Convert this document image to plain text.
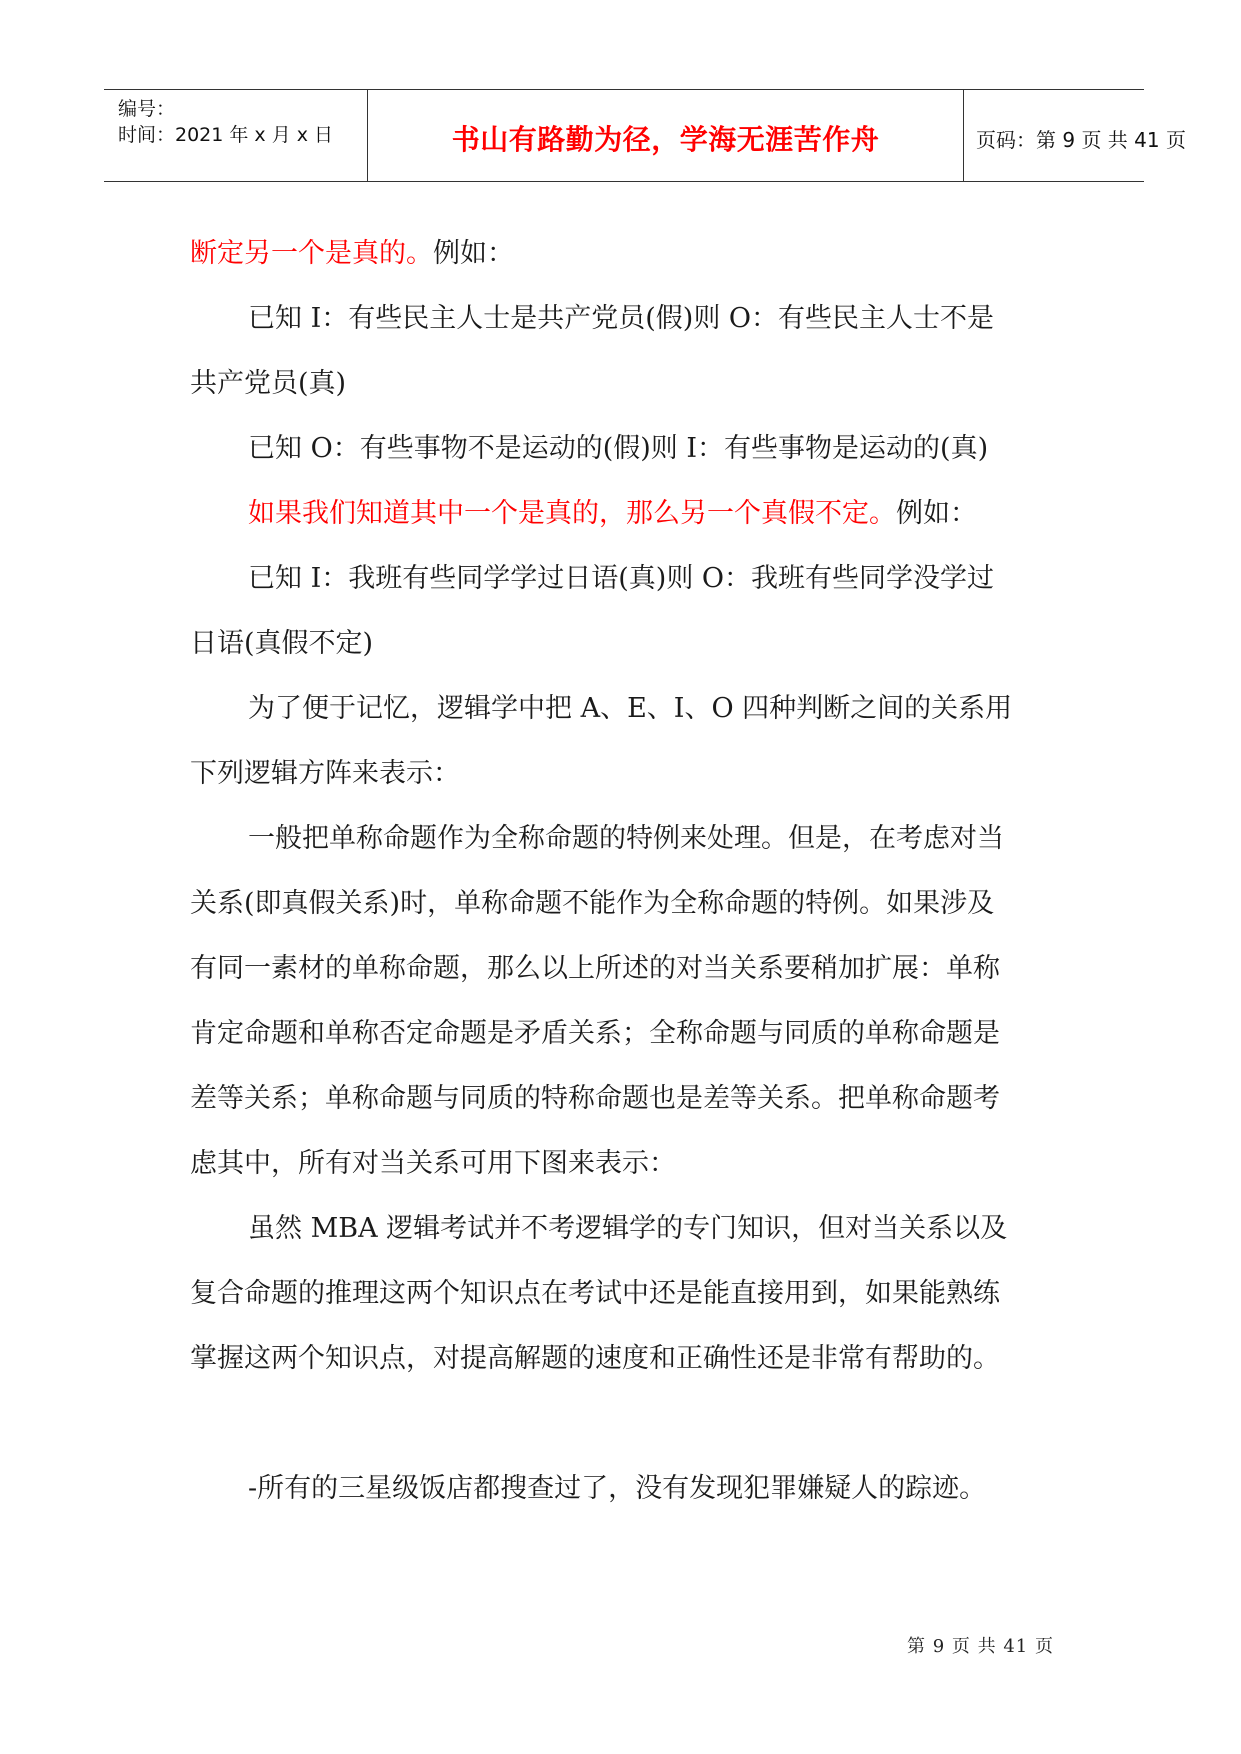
编号：
时间：2021 年 x 月 x 日	书山有路勤为径，学海无涯苦作舟	页码：第 9 页 共 41 页

断定另一个是真的。例如：

已知 I：有些民主人士是共产党员(假)则 O：有些民主人士不是

共产党员(真)

已知 O：有些事物不是运动的(假)则 I：有些事物是运动的(真)

如果我们知道其中一个是真的，那么另一个真假不定。例如：

已知 I：我班有些同学学过日语(真)则 O：我班有些同学没学过

日语(真假不定)

为了便于记忆，逻辑学中把 A、E、I、O 四种判断之间的关系用

下列逻辑方阵来表示：

一般把单称命题作为全称命题的特例来处理。但是，在考虑对当

关系(即真假关系)时，单称命题不能作为全称命题的特例。如果涉及

有同一素材的单称命题，那么以上所述的对当关系要稍加扩展：单称

肯定命题和单称否定命题是矛盾关系；全称命题与同质的单称命题是

差等关系；单称命题与同质的特称命题也是差等关系。把单称命题考

虑其中，所有对当关系可用下图来表示：

虽然 MBA 逻辑考试并不考逻辑学的专门知识，但对当关系以及

复合命题的推理这两个知识点在考试中还是能直接用到，如果能熟练

掌握这两个知识点，对提高解题的速度和正确性还是非常有帮助的。

-所有的三星级饭店都搜查过了，没有发现犯罪嫌疑人的踪迹。

第 9 页 共 41 页
